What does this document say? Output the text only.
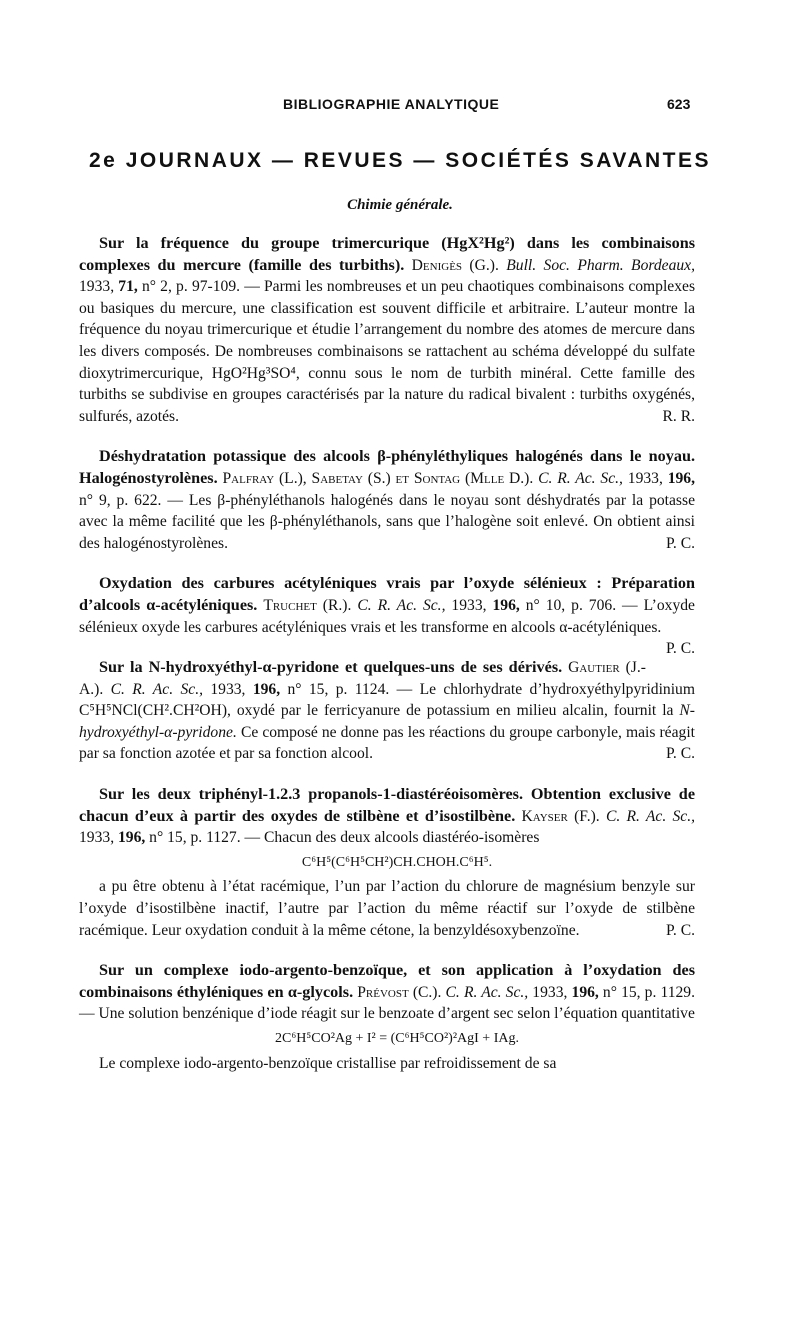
BIBLIOGRAPHIE ANALYTIQUE	623
2e JOURNAUX — REVUES — SOCIÉTÉS SAVANTES
Chimie générale.

Sur la fréquence du groupe trimercurique (HgX²Hg²) dans les combinaisons complexes du mercure (famille des turbiths). Denigès (G.). Bull. Soc. Pharm. Bordeaux, 1933, 71, n° 2, p. 97-109. — Parmi les nombreuses et un peu chaotiques combinaisons complexes ou basiques du mercure, une classification est souvent difficile et arbitraire. L’auteur montre la fréquence du noyau trimercurique et étudie l’arrangement du nombre des atomes de mercure dans les divers composés. De nombreuses combinaisons se rattachent au schéma développé du sulfate dioxytrimercurique, HgO²Hg³SO⁴, connu sous le nom de turbith minéral. Cette famille des turbiths se subdivise en groupes caractérisés par la nature du radical bivalent : turbiths oxygénés, sulfurés, azotés.	R. R.

Déshydratation potassique des alcools β-phényléthyliques halogénés dans le noyau. Halogénostyrolènes. Palfray (L.), Sabetay (S.) et Sontag (Mlle D.). C. R. Ac. Sc., 1933, 196, n° 9, p. 622. — Les β-phényléthanols halogénés dans le noyau sont déshydratés par la potasse avec la même facilité que les β-phényléthanols, sans que l’halogène soit enlevé. On obtient ainsi des halogénostyrolènes.	P. C.

Oxydation des carbures acétyléniques vrais par l’oxyde sélénieux : Préparation d’alcools α-acétyléniques. Truchet (R.). C. R. Ac. Sc., 1933, 196, n° 10, p. 706. — L’oxyde sélénieux oxyde les carbures acétyléniques vrais et les transforme en alcools α-acétyléniques.
P. C.

Sur la N-hydroxyéthyl-α-pyridone et quelques-uns de ses dérivés. Gautier (J.-A.). C. R. Ac. Sc., 1933, 196, n° 15, p. 1124. — Le chlorhydrate d’hydroxyéthylpyridinium C⁵H⁵NCl(CH².CH²OH), oxydé par le ferricyanure de potassium en milieu alcalin, fournit la N-hydroxyéthyl-α-pyridone. Ce composé ne donne pas les réactions du groupe carbonyle, mais réagit par sa fonction azotée et par sa fonction alcool.	P. C.

Sur les deux triphényl-1.2.3 propanols-1-diastéréoisomères. Obtention exclusive de chacun d’eux à partir des oxydes de stilbène et d’isostilbène. Kayser (F.). C. R. Ac. Sc., 1933, 196, n° 15, p. 1127. — Chacun des deux alcools diastéréo-isomères
C⁶H⁵(C⁶H⁵CH²)CH.CHOH.C⁶H⁵.
a pu être obtenu à l’état racémique, l’un par l’action du chlorure de magnésium benzyle sur l’oxyde d’isostilbène inactif, l’autre par l’action du même réactif sur l’oxyde de stilbène racémique. Leur oxydation conduit à la même cétone, la benzyldésoxybenzoïne.	P. C.
Sur un complexe iodo-argento-benzoïque, et son application à l’oxydation des combinaisons éthyléniques en α-glycols. Prévost (C.). C. R. Ac. Sc., 1933, 196, n° 15, p. 1129. — Une solution benzénique d’iode réagit sur le benzoate d’argent sec selon l’équation quantitative
2C⁶H⁵CO²Ag + I² = (C⁶H⁵CO²)²AgI + IAg.
Le complexe iodo-argento-benzoïque cristallise par refroidissement de sa
